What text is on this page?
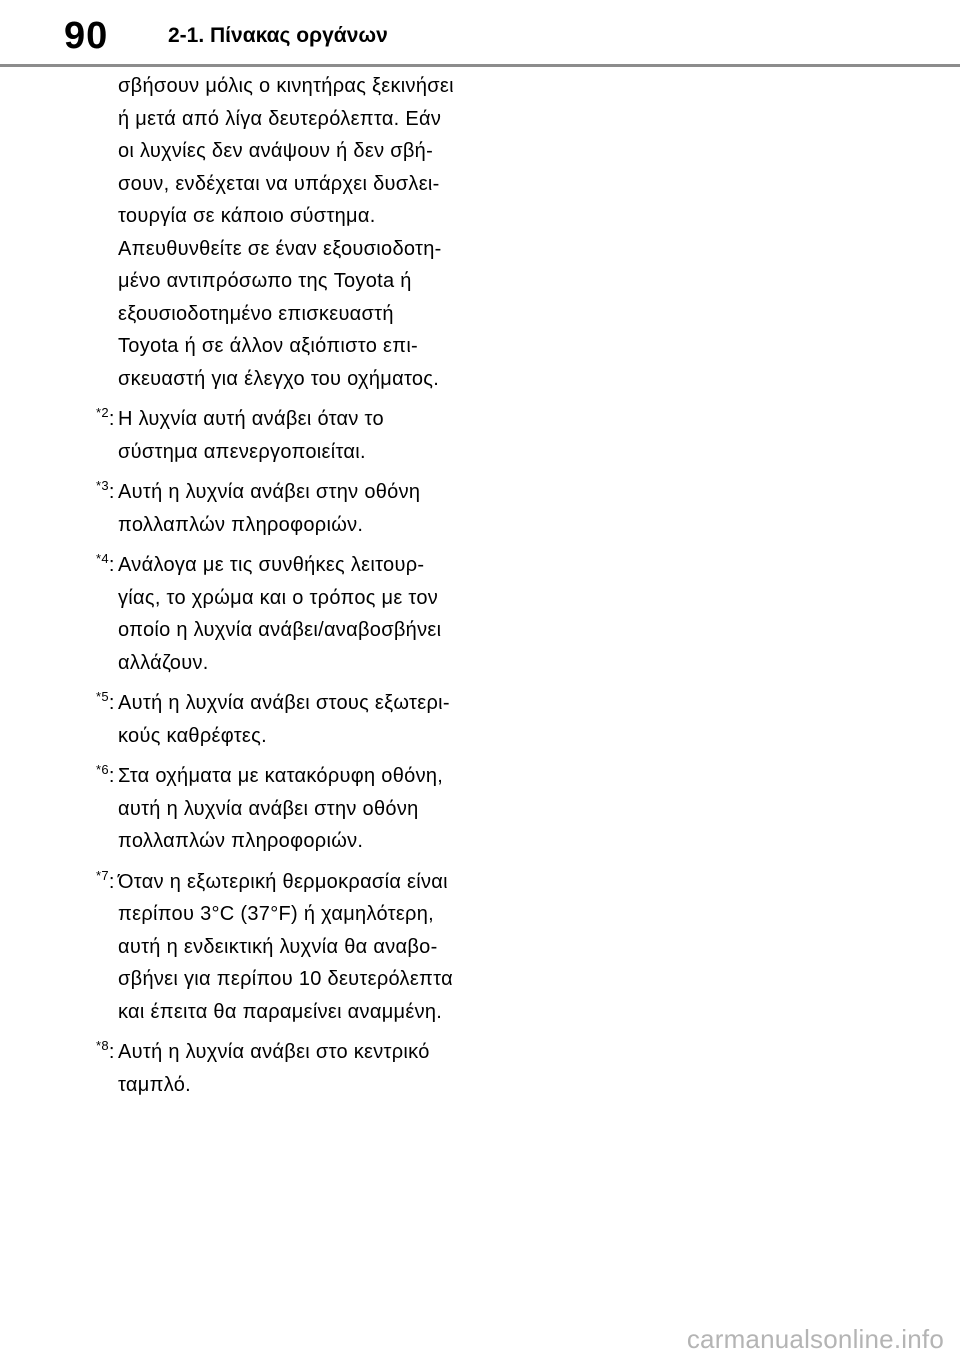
90	2-1. Πίνακας οργάνων
σβήσουν μόλις ο κινητήρας ξεκινήσει
ή μετά από λίγα δευτερόλεπτα. Εάν
οι λυχνίες δεν ανάψουν ή δεν σβή-
σουν, ενδέχεται να υπάρχει δυσλει-
τουργία σε κάποιο σύστημα.
Απευθυνθείτε σε έναν εξουσιοδοτη-
μένο αντιπρόσωπο της Toyota ή
εξουσιοδοτημένο επισκευαστή
Toyota ή σε άλλον αξιόπιστο επι-
σκευαστή για έλεγχο του οχήματος.
$^{*2}$: Η λυχνία αυτή ανάβει όταν το
σύστημα απενεργοποιείται.
$^{*3}$: Αυτή η λυχνία ανάβει στην οθόνη
πολλαπλών πληροφοριών.
$^{*4}$: Ανάλογα με τις συνθήκες λειτουρ-
γίας, το χρώμα και ο τρόπος με τον
οποίο η λυχνία ανάβει/αναβοσβήνει
αλλάζουν.
$^{*5}$: Αυτή η λυχνία ανάβει στους εξωτερι-
κούς καθρέφτες.
$^{*6}$: Στα οχήματα με κατακόρυφη οθόνη,
αυτή η λυχνία ανάβει στην οθόνη
πολλαπλών πληροφοριών.
$^{*7}$: Όταν η εξωτερική θερμοκρασία είναι
περίπου 3°C (37°F) ή χαμηλότερη,
αυτή η ενδεικτική λυχνία θα αναβο-
σβήνει για περίπου 10 δευτερόλεπτα
και έπειτα θα παραμείνει αναμμένη.
$^{*8}$: Αυτή η λυχνία ανάβει στο κεντρικό
ταμπλό.
carmanualsonline.info
